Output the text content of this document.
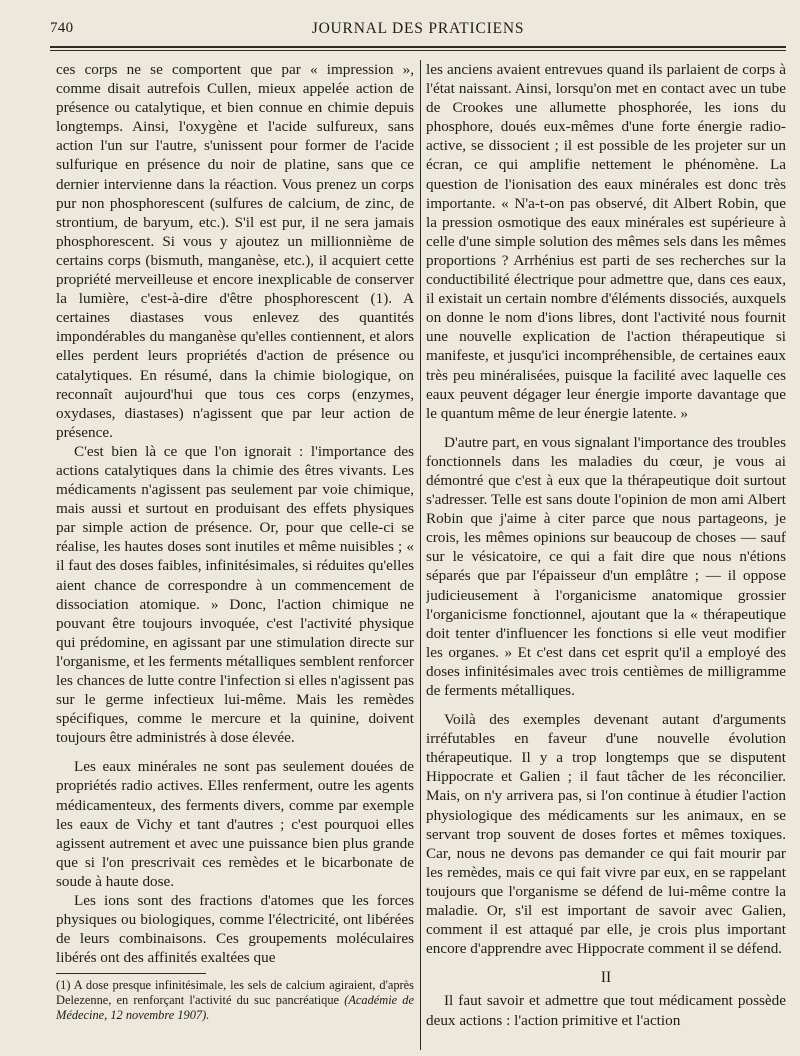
740	JOURNAL DES PRATICIENS

ces corps ne se comportent que par « impression », comme disait autrefois Cullen, mieux appelée action de présence ou catalytique, et bien connue en chimie depuis longtemps. Ainsi, l'oxygène et l'acide sulfureux, sans action l'un sur l'autre, s'unissent pour former de l'acide sulfurique en présence du noir de platine, sans que ce dernier intervienne dans la réaction. Vous prenez un corps pur non phosphorescent (sulfures de calcium, de zinc, de strontium, de baryum, etc.). S'il est pur, il ne sera jamais phosphorescent. Si vous y ajoutez un millionnième de certains corps (bismuth, manganèse, etc.), il acquiert cette propriété merveilleuse et encore inexplicable de conserver la lumière, c'est-à-dire d'être phosphorescent (1). A certaines diastases vous enlevez des quantités impondérables du manganèse qu'elles contiennent, et alors elles perdent leurs propriétés d'action de présence ou catalytiques. En résumé, dans la chimie biologique, on reconnaît aujourd'hui que tous ces corps (enzymes, oxydases, diastases) n'agissent que par leur action de présence.

C'est bien là ce que l'on ignorait : l'importance des actions catalytiques dans la chimie des êtres vivants. Les médicaments n'agissent pas seulement par voie chimique, mais aussi et surtout en produisant des effets physiques par simple action de présence. Or, pour que celle-ci se réalise, les hautes doses sont inutiles et même nuisibles ; « il faut des doses faibles, infinitésimales, si réduites qu'elles aient chance de correspondre à un commencement de dissociation atomique. » Donc, l'action chimique ne pouvant être toujours invoquée, c'est l'activité physique qui prédomine, en agissant par une stimulation directe sur l'organisme, et les ferments métalliques semblent renforcer les chances de lutte contre l'infection si elles n'agissent pas sur le germe infectieux lui-même. Mais les remèdes spécifiques, comme le mercure et la quinine, doivent toujours être administrés à dose élevée.

Les eaux minérales ne sont pas seulement douées de propriétés radio actives. Elles renferment, outre les agents médicamenteux, des ferments divers, comme par exemple les eaux de Vichy et tant d'autres ; c'est pourquoi elles agissent autrement et avec une puissance bien plus grande que si l'on prescrivait ces remèdes et le bicarbonate de soude à haute dose.

Les ions sont des fractions d'atomes que les forces physiques ou biologiques, comme l'électricité, ont libérées de leurs combinaisons. Ces groupements moléculaires libérés ont des affinités exaltées que

(1) A dose presque infinitésimale, les sels de calcium agiraient, d'après Delezenne, en renforçant l'activité du suc pancréatique (Académie de Médecine, 12 novembre 1907).

les anciens avaient entrevues quand ils parlaient de corps à l'état naissant. Ainsi, lorsqu'on met en contact avec un tube de Crookes une allumette phosphorée, les ions du phosphore, doués eux-mêmes d'une forte énergie radio-active, se dissocient ; il est possible de les projeter sur un écran, ce qui amplifie nettement le phénomène. La question de l'ionisation des eaux minérales est donc très importante. « N'a-t-on pas observé, dit Albert Robin, que la pression osmotique des eaux minérales est supérieure à celle d'une simple solution des mêmes sels dans les mêmes proportions ? Arrhénius est parti de ses recherches sur la conductibilité électrique pour admettre que, dans ces eaux, il existait un certain nombre d'éléments dissociés, auxquels on donne le nom d'ions libres, dont l'activité nous fournit une nouvelle explication de l'action thérapeutique si manifeste, et jusqu'ici incompréhensible, de certaines eaux très peu minéralisées, puisque la facilité avec laquelle ces eaux peuvent dégager leur énergie importe davantage que le quantum même de leur énergie latente. »

D'autre part, en vous signalant l'importance des troubles fonctionnels dans les maladies du cœur, je vous ai démontré que c'est à eux que la thérapeutique doit surtout s'adresser. Telle est sans doute l'opinion de mon ami Albert Robin que j'aime à citer parce que nous partageons, je crois, les mêmes opinions sur beaucoup de choses — sauf sur le vésicatoire, ce qui a fait dire que nous n'étions séparés que par l'épaisseur d'un emplâtre ; — il oppose judicieusement à l'organicisme anatomique grossier l'organicisme fonctionnel, ajoutant que la « thérapeutique doit tenter d'influencer les fonctions si elle veut modifier les organes. » Et c'est dans cet esprit qu'il a employé des doses infinitésimales avec trois centièmes de milligramme de ferments métalliques.

Voilà des exemples devenant autant d'arguments irréfutables en faveur d'une nouvelle évolution thérapeutique. Il y a trop longtemps que se disputent Hippocrate et Galien ; il faut tâcher de les réconcilier. Mais, on n'y arrivera pas, si l'on continue à étudier l'action physiologique des médicaments sur les animaux, en se servant trop souvent de doses fortes et mêmes toxiques. Car, nous ne devons pas demander ce qui fait mourir par les remèdes, mais ce qui fait vivre par eux, en se rappelant toujours que l'organisme se défend de lui-même contre la maladie. Or, s'il est important de savoir avec Galien, comment il est attaqué par elle, je crois plus important encore d'apprendre avec Hippocrate comment il se défend.

II

Il faut savoir et admettre que tout médicament possède deux actions : l'action primitive et l'action
